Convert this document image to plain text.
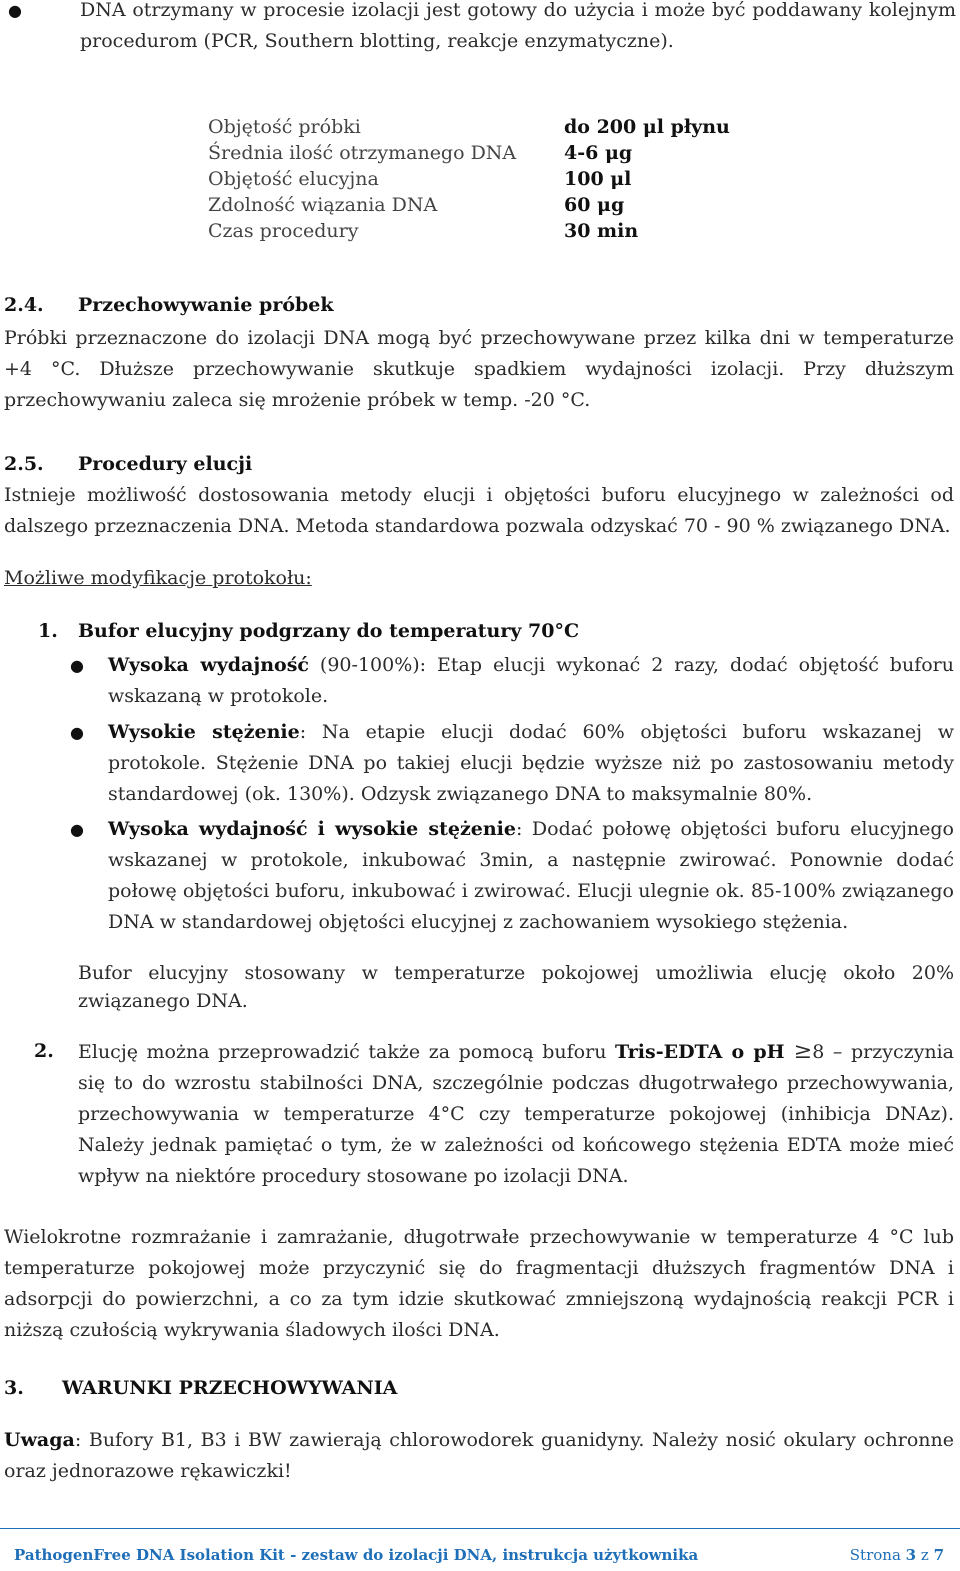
●	DNA otrzymany w procesie izolacji jest gotowy do użycia i może być poddawany kolejnym procedurom (PCR, Southern blotting, reakcje enzymatyczne).
Objętość próbki	do 200 μl płynu
Średnia ilość otrzymanego DNA	4-6 μg
Objętość elucyjna	100 μl
Zdolność wiązania DNA	60 μg
Czas procedury	30 min
2.4. Przechowywanie próbek
Próbki przeznaczone do izolacji DNA mogą być przechowywane przez kilka dni w temperaturze +4 °C. Dłuższe przechowywanie skutkuje spadkiem wydajności izolacji. Przy dłuższym przechowywaniu zaleca się mrożenie próbek w temp. -20 °C.
2.5. Procedury elucji
Istnieje możliwość dostosowania metody elucji i objętości buforu elucyjnego w zależności od dalszego przeznaczenia DNA. Metoda standardowa pozwala odzyskać 70 - 90 % związanego DNA.
Możliwe modyfikacje protokołu:
1. Bufor elucyjny podgrzany do temperatury 70°C
● Wysoka wydajność (90-100%): Etap elucji wykonać 2 razy, dodać objętość buforu wskazaną w protokole.
● Wysokie stężenie: Na etapie elucji dodać 60% objętości buforu wskazanej w protokole. Stężenie DNA po takiej elucji będzie wyższe niż po zastosowaniu metody standardowej (ok. 130%). Odzysk związanego DNA to maksymalnie 80%.
● Wysoka wydajność i wysokie stężenie: Dodać połowę objętości buforu elucyjnego wskazanej w protokole, inkubować 3min, a następnie zwirować. Ponownie dodać połowę objętości buforu, inkubować i zwirować. Elucji ulegnie ok. 85-100% związanego DNA w standardowej objętości elucyjnej z zachowaniem wysokiego stężenia.
Bufor elucyjny stosowany w temperaturze pokojowej umożliwia elucję około 20% związanego DNA.
2. Elucję można przeprowadzić także za pomocą buforu Tris-EDTA o pH ≥8 – przyczynia się to do wzrostu stabilności DNA, szczególnie podczas długotrwałego przechowywania, przechowywania w temperaturze 4°C czy temperaturze pokojowej (inhibicja DNAz). Należy jednak pamiętać o tym, że w zależności od końcowego stężenia EDTA może mieć wpływ na niektóre procedury stosowane po izolacji DNA.
Wielokrotne rozmrażanie i zamrażanie, długotrwałe przechowywanie w temperaturze 4 °C lub temperaturze pokojowej może przyczynić się do fragmentacji dłuższych fragmentów DNA i adsorpcji do powierzchni, a co za tym idzie skutkować zmniejszoną wydajnością reakcji PCR i niższą czułością wykrywania śladowych ilości DNA.
3. WARUNKI PRZECHOWYWANIA
Uwaga: Bufory B1, B3 i BW zawierają chlorowodorek guanidyny. Należy nosić okulary ochronne oraz jednorazowe rękawiczki!
PathogenFree DNA Isolation Kit - zestaw do izolacji DNA, instrukcja użytkownika	Strona 3 z 7
